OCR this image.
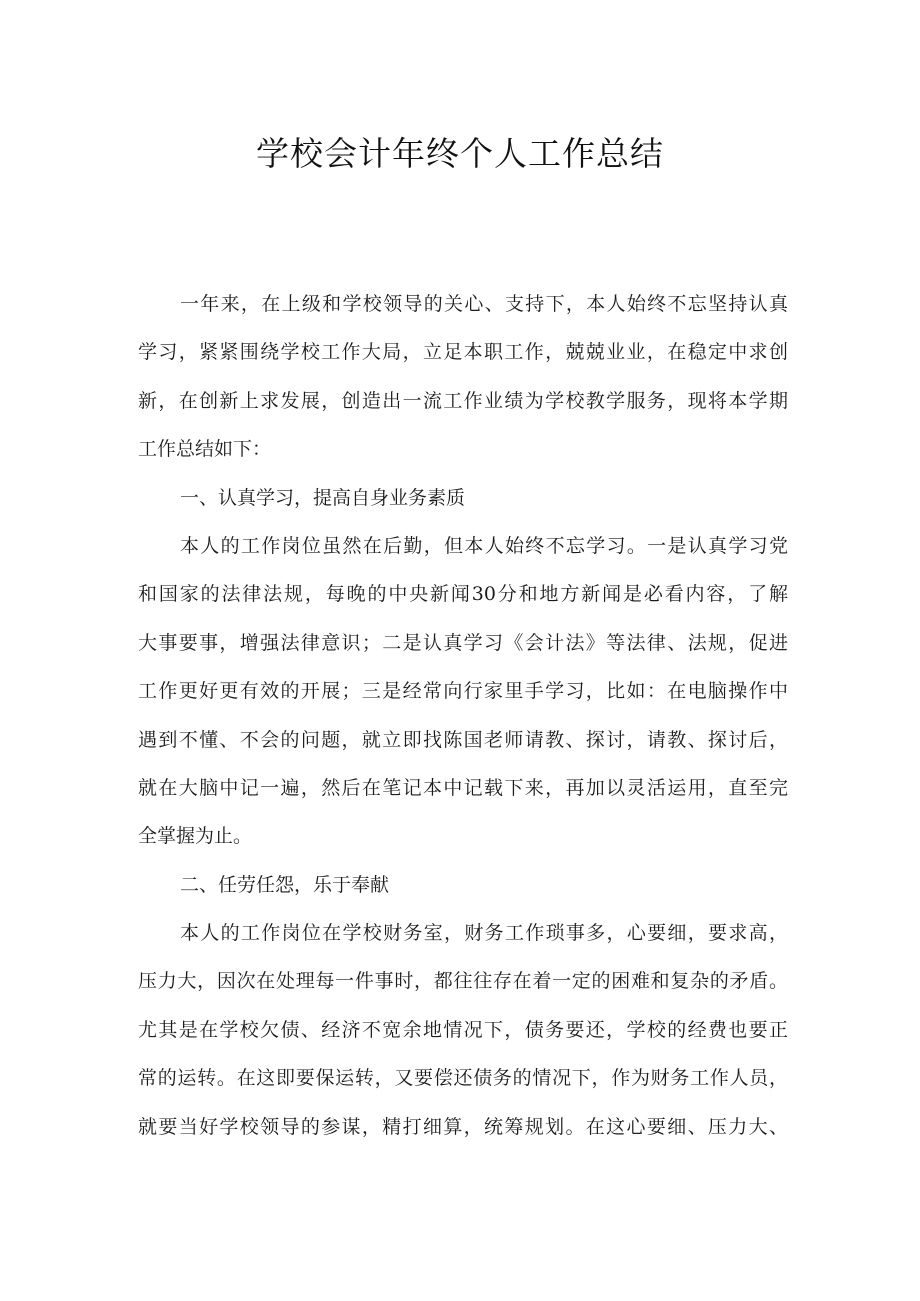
学校会计年终个人工作总结
一年来，在上级和学校领导的关心、支持下，本人始终不忘坚持认真
学习，紧紧围绕学校工作大局，立足本职工作，兢兢业业，在稳定中求创
新，在创新上求发展，创造出一流工作业绩为学校教学服务，现将本学期
工作总结如下：
一、认真学习，提高自身业务素质
本人的工作岗位虽然在后勤，但本人始终不忘学习。一是认真学习党
和国家的法律法规，每晚的中央新闻30分和地方新闻是必看内容，了解
大事要事，增强法律意识；二是认真学习《会计法》等法律、法规，促进
工作更好更有效的开展；三是经常向行家里手学习，比如：在电脑操作中
遇到不懂、不会的问题，就立即找陈国老师请教、探讨，请教、探讨后，
就在大脑中记一遍，然后在笔记本中记载下来，再加以灵活运用，直至完
全掌握为止。
二、任劳任怨，乐于奉献
本人的工作岗位在学校财务室，财务工作琐事多，心要细，要求高，
压力大，因次在处理每一件事时，都往往存在着一定的困难和复杂的矛盾。
尤其是在学校欠债、经济不宽余地情况下，债务要还，学校的经费也要正
常的运转。在这即要保运转，又要偿还债务的情况下，作为财务工作人员，
就要当好学校领导的参谋，精打细算，统筹规划。在这心要细、压力大、
